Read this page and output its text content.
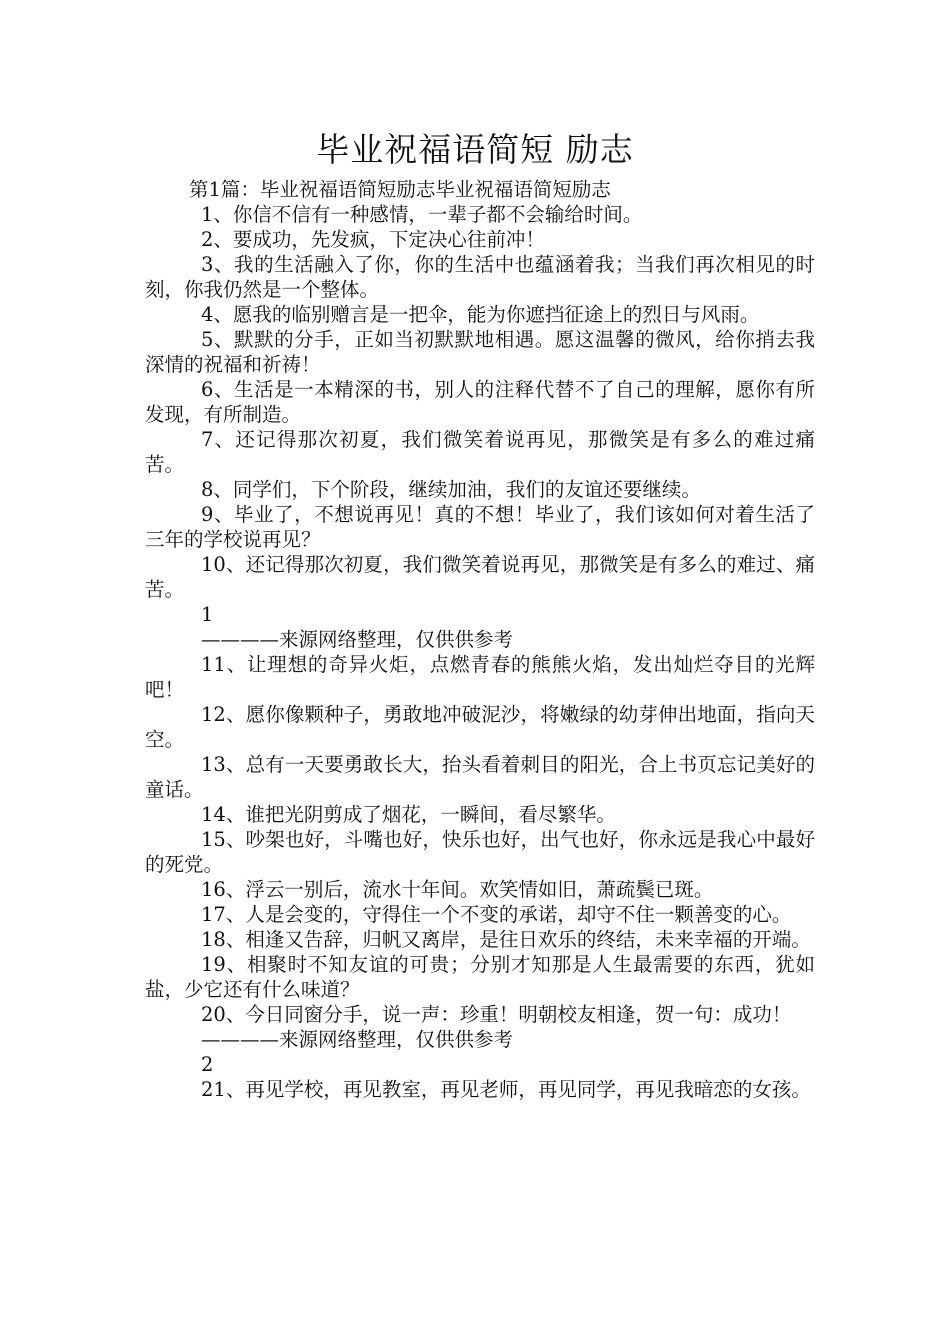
毕业祝福语简短 励志

第1篇：毕业祝福语简短励志毕业祝福语简短励志

1、你信不信有一种感情，一辈子都不会输给时间。

2、要成功，先发疯，下定决心往前冲！

3、我的生活融入了你，你的生活中也蕴涵着我；当我们再次相见的时刻，你我仍然是一个整体。

4、愿我的临别赠言是一把伞，能为你遮挡征途上的烈日与风雨。

5、默默的分手，正如当初默默地相遇。愿这温馨的微风，给你捎去我深情的祝福和祈祷！

6、生活是一本精深的书，别人的注释代替不了自己的理解，愿你有所发现，有所制造。

7、还记得那次初夏，我们微笑着说再见，那微笑是有多么的难过痛苦。

8、同学们，下个阶段，继续加油，我们的友谊还要继续。

9、毕业了，不想说再见！真的不想！毕业了，我们该如何对着生活了三年的学校说再见？

10、还记得那次初夏，我们微笑着说再见，那微笑是有多么的难过、痛苦。

1

————来源网络整理，仅供供参考

11、让理想的奇异火炬，点燃青春的熊熊火焰，发出灿烂夺目的光辉吧！

12、愿你像颗种子，勇敢地冲破泥沙，将嫩绿的幼芽伸出地面，指向天空。

13、总有一天要勇敢长大，抬头看着刺目的阳光，合上书页忘记美好的童话。

14、谁把光阴剪成了烟花，一瞬间，看尽繁华。

15、吵架也好，斗嘴也好，快乐也好，出气也好，你永远是我心中最好的死党。

16、浮云一别后，流水十年间。欢笑情如旧，萧疏鬓已斑。

17、人是会变的，守得住一个不变的承诺，却守不住一颗善变的心。

18、相逢又告辞，归帆又离岸，是往日欢乐的终结，未来幸福的开端。

19、相聚时不知友谊的可贵；分别才知那是人生最需要的东西，犹如盐，少它还有什么味道？

20、今日同窗分手，说一声：珍重！明朝校友相逢，贺一句：成功！

————来源网络整理，仅供供参考

2

21、再见学校，再见教室，再见老师，再见同学，再见我暗恋的女孩。
